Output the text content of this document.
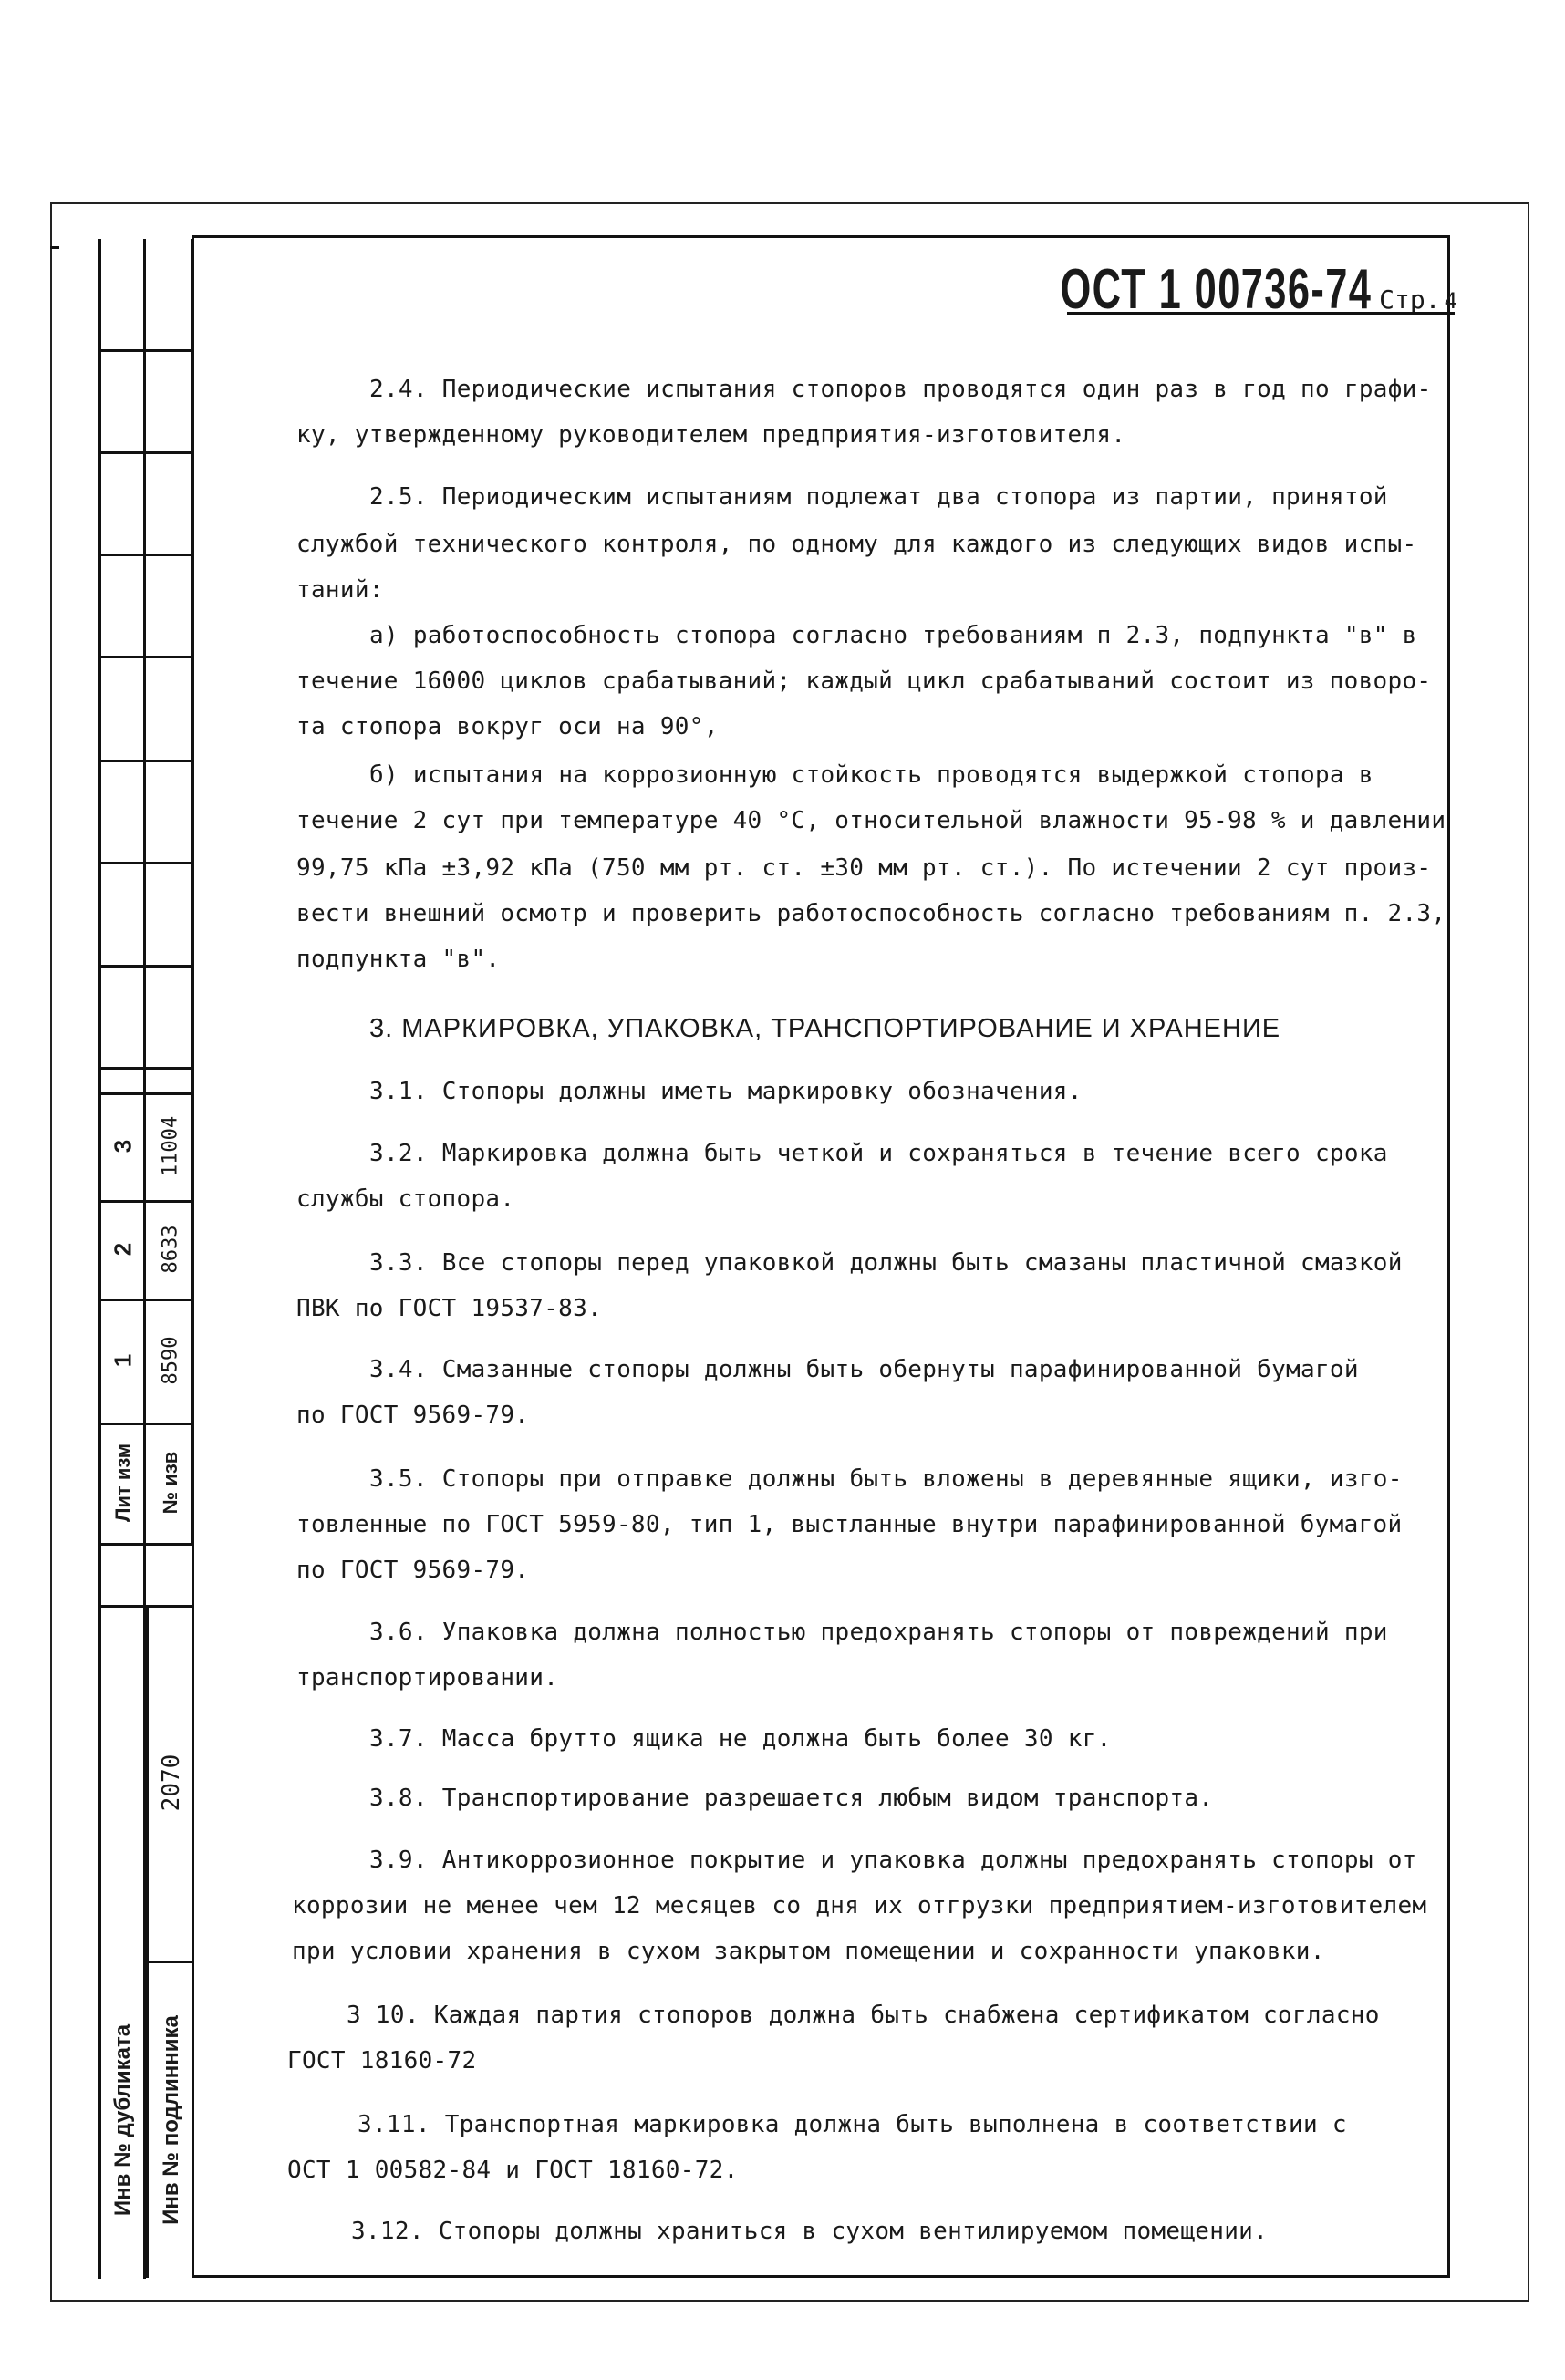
3 11004
2 8633
1 8590
Лит изм № изв
2070
Инв № дубликата Инв № подлинника
ОСТ 1 00736-74 Стр. 4
2.4. Периодические испытания стопоров проводятся один раз в год по графи-
ку, утвержденному руководителем предприятия-изготовителя.
2.5. Периодическим испытаниям подлежат два стопора из партии, принятой
службой технического контроля, по одному для каждого из следующих видов испы-
таний:
а) работоспособность стопора согласно требованиям п 2.3, подпункта "в" в
течение 16000 циклов срабатываний; каждый цикл срабатываний состоит из поворо-
та стопора вокруг оси на 90°,
б) испытания на коррозионную стойкость проводятся выдержкой стопора в
течение 2 сут при температуре 40 °С, относительной влажности 95-98 % и давлении
99,75 кПа ±3,92 кПа (750 мм рт. ст. ±30 мм рт. ст.). По истечении 2 сут произ-
вести внешний осмотр и проверить работоспособность согласно требованиям п. 2.3,
подпункта "в".
3. МАРКИРОВКА, УПАКОВКА, ТРАНСПОРТИРОВАНИЕ И ХРАНЕНИЕ
3.1. Стопоры должны иметь маркировку обозначения.
3.2. Маркировка должна быть четкой и сохраняться в течение всего срока
службы стопора.
3.3. Все стопоры перед упаковкой должны быть смазаны пластичной смазкой
ПВК по ГОСТ 19537-83.
3.4. Смазанные стопоры должны быть обернуты парафинированной бумагой
по ГОСТ 9569-79.
3.5. Стопоры при отправке должны быть вложены в деревянные ящики, изго-
товленные по ГОСТ 5959-80, тип 1, выстланные внутри парафинированной бумагой
по ГОСТ 9569-79.
3.6. Упаковка должна полностью предохранять стопоры от повреждений при
транспортировании.
3.7. Масса брутто ящика не должна быть более 30 кг.
3.8. Транспортирование разрешается любым видом транспорта.
3.9. Антикоррозионное покрытие и упаковка должны предохранять стопоры от
коррозии не менее чем 12 месяцев со дня их отгрузки предприятием-изготовителем
при условии хранения в сухом закрытом помещении и сохранности упаковки.
3 10. Каждая партия стопоров должна быть снабжена сертификатом согласно
ГОСТ 18160-72
3.11. Транспортная маркировка должна быть выполнена в соответствии с
ОСТ 1 00582-84 и ГОСТ 18160-72.
3.12. Стопоры должны храниться в сухом вентилируемом помещении.
